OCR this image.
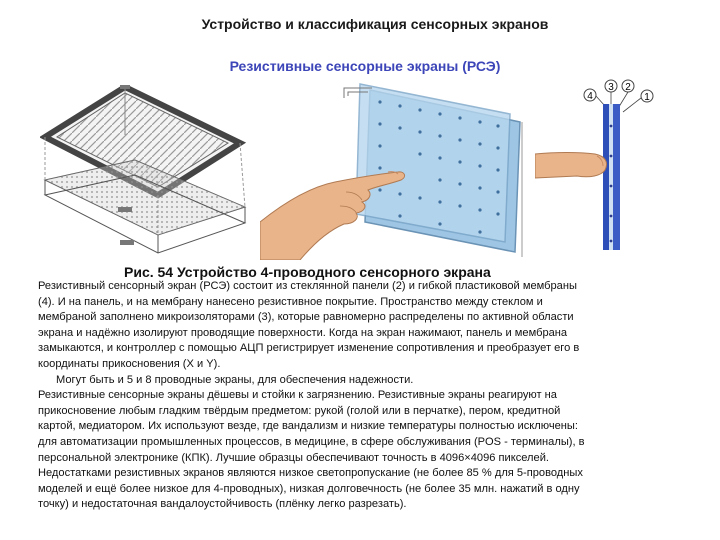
Устройство и классификация сенсорных экранов
Резистивные сенсорные экраны (РСЭ)
4
3 2
1
Рис. 54 Устройство 4-проводного сенсорного экрана

Резистивный сенсорный экран (РСЭ) состоит из стеклянной панели (2) и гибкой пластиковой мембраны

(4). И на панель, и на мембрану нанесено резистивное покрытие. Пространство между стеклом и

мембраной заполнено микроизоляторами (3), которые равномерно распределены по активной области

экрана и надёжно изолируют проводящие поверхности. Когда на экран нажимают, панель и мембрана

замыкаются, и контроллер с помощью АЦП регистрирует изменение сопротивления и преобразует его в

координаты прикосновения (X и Y).

Могут быть и 5 и 8 проводные экраны, для обеспечения надежности.

Резистивные сенсорные экраны дёшевы и стойки к загрязнению. Резистивные экраны реагируют на

прикосновение любым гладким твёрдым предметом: рукой (голой или в перчатке), пером, кредитной

картой, медиатором. Их используют везде, где вандализм и низкие температуры полностью исключены:

для автоматизации промышленных процессов, в медицине, в сфере обслуживания (POS - терминалы), в

персональной электронике (КПК). Лучшие образцы обеспечивают точность в 4096×4096 пикселей.

Недостатками резистивных экранов являются низкое светопропускание (не более 85 % для 5-проводных

моделей и ещё более низкое для 4-проводных), низкая долговечность (не более 35 млн. нажатий в одну

точку) и недостаточная вандалоустойчивость (плёнку легко разрезать).
